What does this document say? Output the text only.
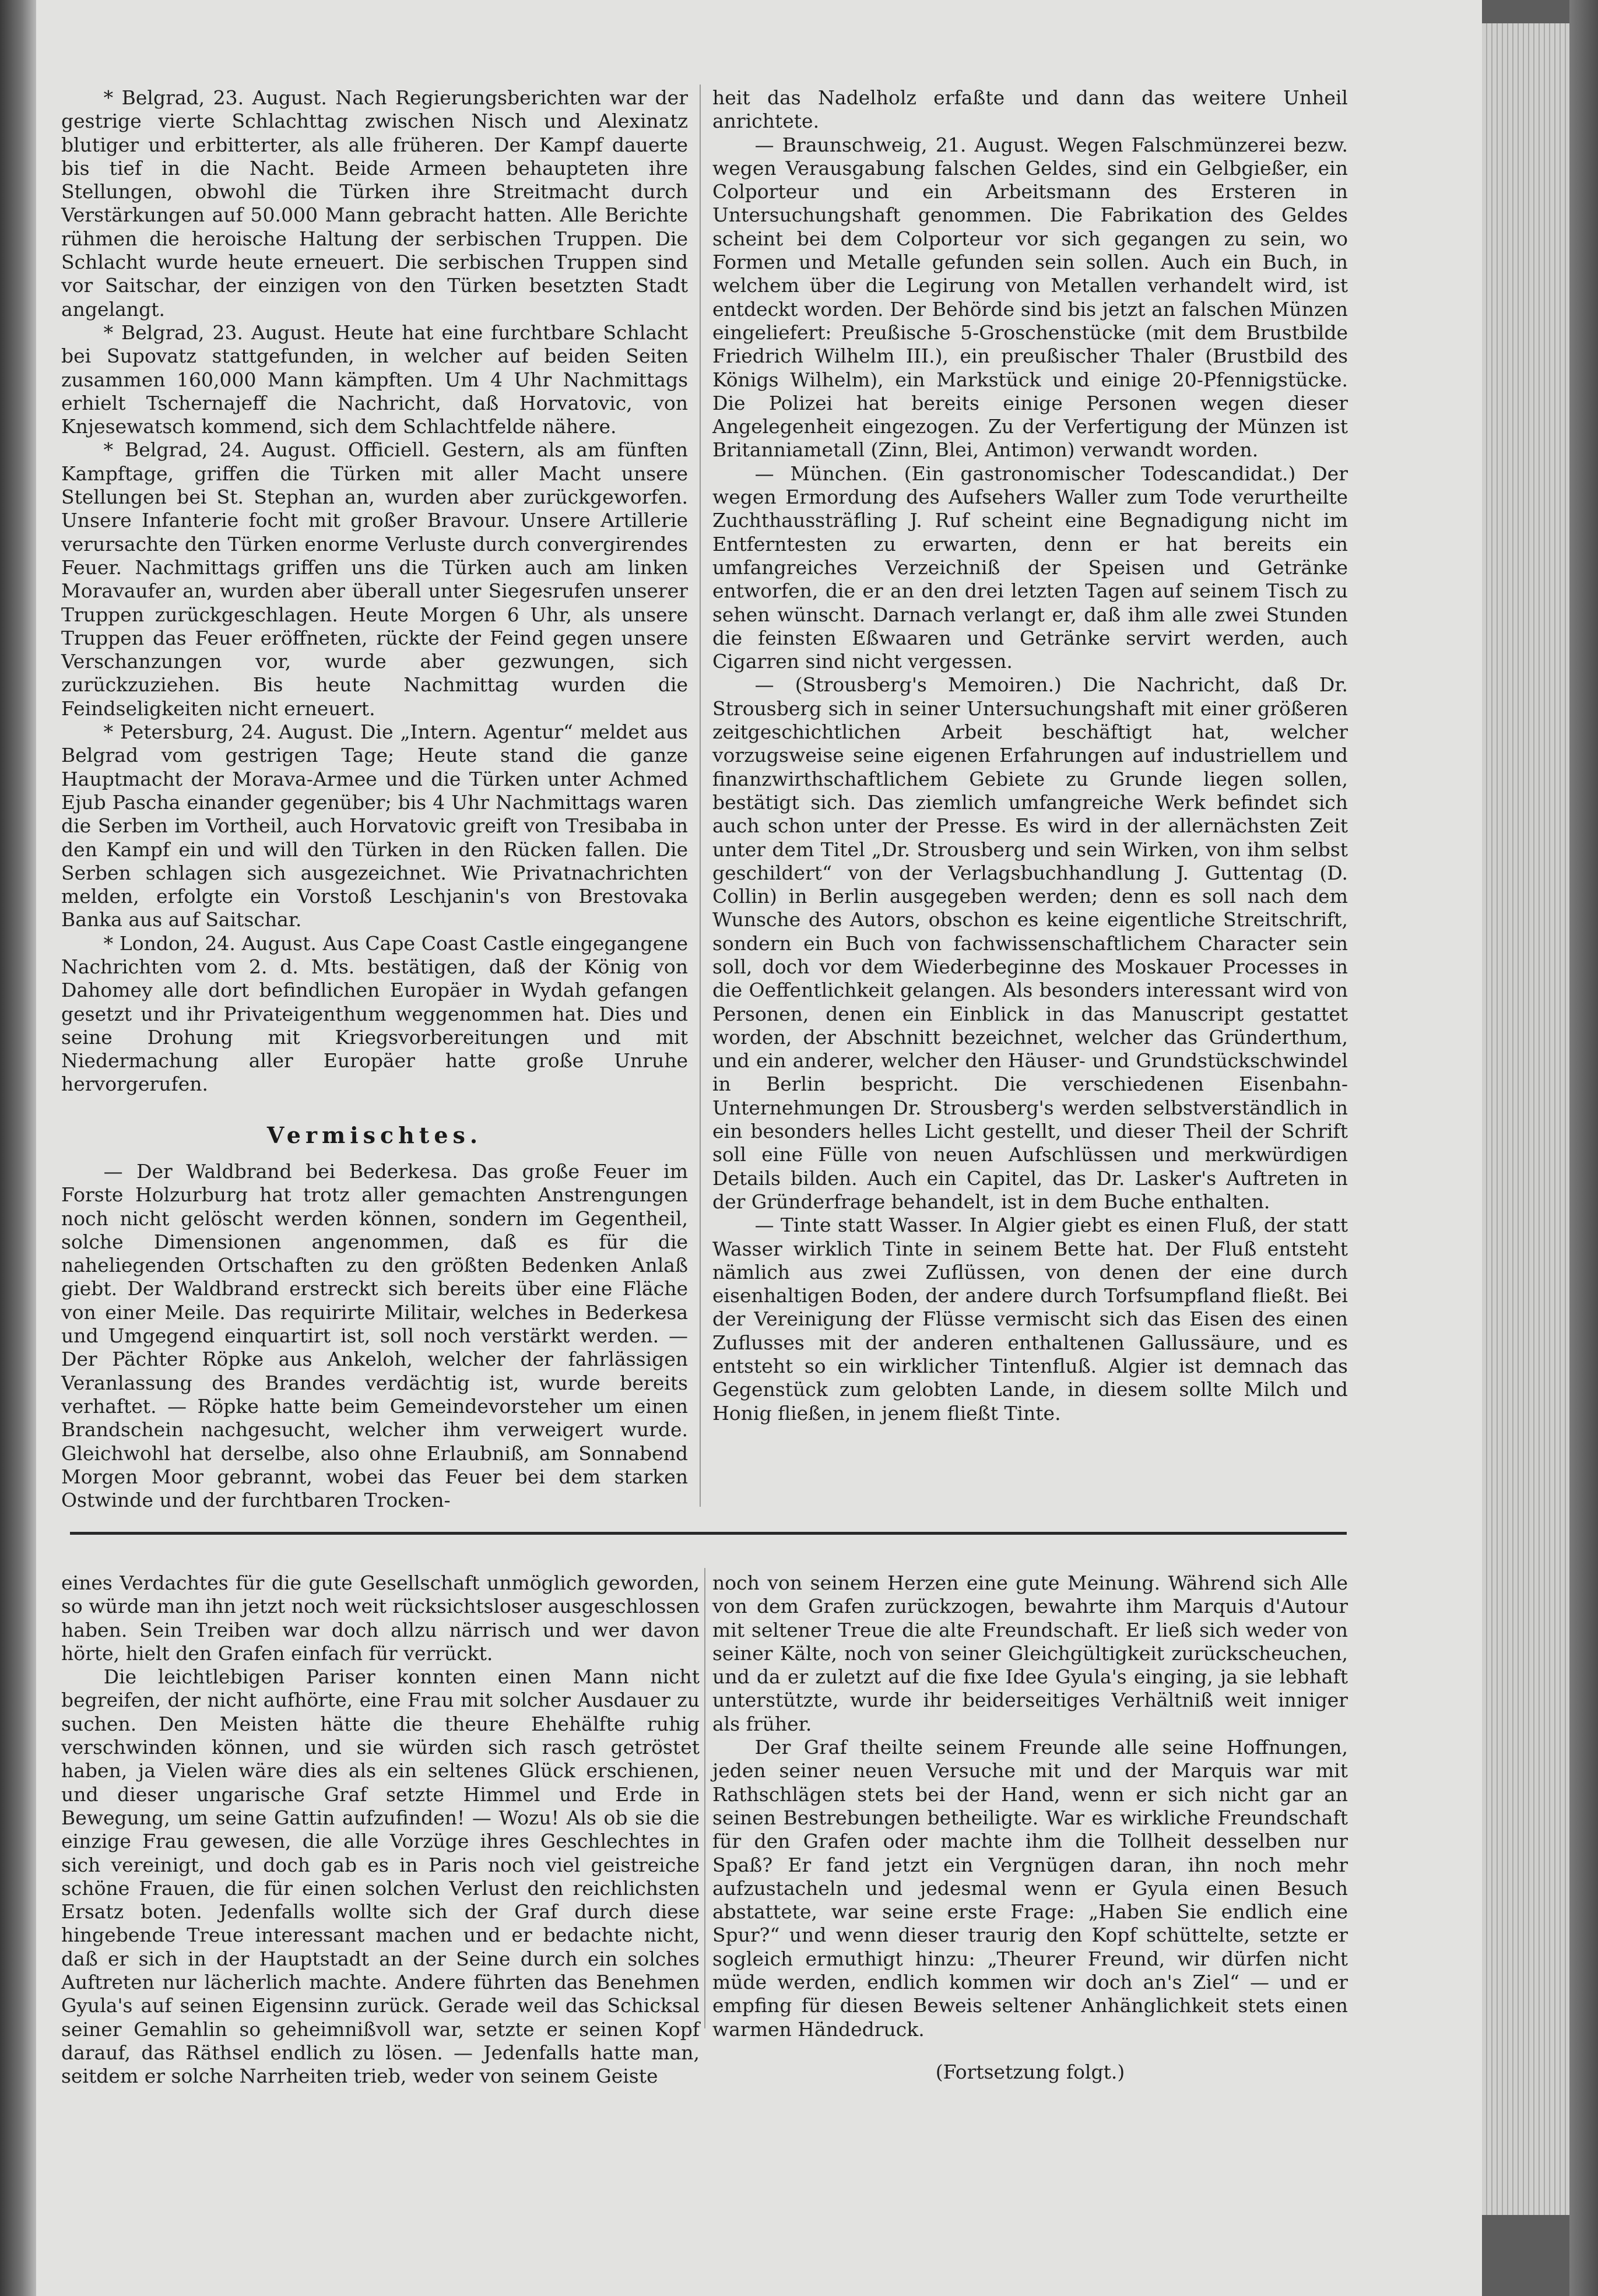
* Belgrad, 23. August. Nach Regierungsberichten war der gestrige vierte Schlachttag zwischen Nisch und Alexinatz blutiger und erbitterter, als alle früheren. Der Kampf dauerte bis tief in die Nacht. Beide Armeen behaupteten ihre Stellungen, obwohl die Türken ihre Streitmacht durch Verstärkungen auf 50.000 Mann gebracht hatten. Alle Berichte rühmen die heroische Haltung der serbischen Truppen. Die Schlacht wurde heute erneuert. Die serbischen Truppen sind vor Saitschar, der einzigen von den Türken besetzten Stadt angelangt.

* Belgrad, 23. August. Heute hat eine furchtbare Schlacht bei Supovatz stattgefunden, in welcher auf beiden Seiten zusammen 160,000 Mann kämpften. Um 4 Uhr Nachmittags erhielt Tschernajeff die Nachricht, daß Horvatovic, von Knjesewatsch kommend, sich dem Schlachtfelde nähere.

* Belgrad, 24. August. Officiell. Gestern, als am fünften Kampftage, griffen die Türken mit aller Macht unsere Stellungen bei St. Stephan an, wurden aber zurückgeworfen. Unsere Infanterie focht mit großer Bravour. Unsere Artillerie verursachte den Türken enorme Verluste durch convergirendes Feuer. Nachmittags griffen uns die Türken auch am linken Moravaufer an, wurden aber überall unter Siegesrufen unserer Truppen zurückgeschlagen. Heute Morgen 6 Uhr, als unsere Truppen das Feuer eröffneten, rückte der Feind gegen unsere Verschanzungen vor, wurde aber gezwungen, sich zurückzuziehen. Bis heute Nachmittag wurden die Feindseligkeiten nicht erneuert.

* Petersburg, 24. August. Die „Intern. Agentur“ meldet aus Belgrad vom gestrigen Tage; Heute stand die ganze Hauptmacht der Morava-Armee und die Türken unter Achmed Ejub Pascha einander gegenüber; bis 4 Uhr Nachmittags waren die Serben im Vortheil, auch Horvatovic greift von Tresibaba in den Kampf ein und will den Türken in den Rücken fallen. Die Serben schlagen sich ausgezeichnet. Wie Privatnachrichten melden, erfolgte ein Vorstoß Leschjanin's von Brestovaka Banka aus auf Saitschar.

* London, 24. August. Aus Cape Coast Castle eingegangene Nachrichten vom 2. d. Mts. bestätigen, daß der König von Dahomey alle dort befindlichen Europäer in Wydah gefangen gesetzt und ihr Privateigenthum weggenommen hat. Dies und seine Drohung mit Kriegsvorbereitungen und mit Niedermachung aller Europäer hatte große Unruhe hervorgerufen.

Vermischtes.

— Der Waldbrand bei Bederkesa. Das große Feuer im Forste Holzurburg hat trotz aller gemachten Anstrengungen noch nicht gelöscht werden können, sondern im Gegentheil, solche Dimensionen angenommen, daß es für die naheliegenden Ortschaften zu den größten Bedenken Anlaß giebt. Der Waldbrand erstreckt sich bereits über eine Fläche von einer Meile. Das requirirte Militair, welches in Bederkesa und Umgegend einquartirt ist, soll noch verstärkt werden. — Der Pächter Röpke aus Ankeloh, welcher der fahrlässigen Veranlassung des Brandes verdächtig ist, wurde bereits verhaftet. — Röpke hatte beim Gemeindevorsteher um einen Brandschein nachgesucht, welcher ihm verweigert wurde. Gleichwohl hat derselbe, also ohne Erlaubniß, am Sonnabend Morgen Moor gebrannt, wobei das Feuer bei dem starken Ostwinde und der furchtbaren Trocken-

heit das Nadelholz erfaßte und dann das weitere Unheil anrichtete.

— Braunschweig, 21. August. Wegen Falschmünzerei bezw. wegen Verausgabung falschen Geldes, sind ein Gelbgießer, ein Colporteur und ein Arbeitsmann des Ersteren in Untersuchungshaft genommen. Die Fabrikation des Geldes scheint bei dem Colporteur vor sich gegangen zu sein, wo Formen und Metalle gefunden sein sollen. Auch ein Buch, in welchem über die Legirung von Metallen verhandelt wird, ist entdeckt worden. Der Behörde sind bis jetzt an falschen Münzen eingeliefert: Preußische 5-Groschenstücke (mit dem Brustbilde Friedrich Wilhelm III.), ein preußischer Thaler (Brustbild des Königs Wilhelm), ein Markstück und einige 20-Pfennigstücke. Die Polizei hat bereits einige Personen wegen dieser Angelegenheit eingezogen. Zu der Verfertigung der Münzen ist Britanniametall (Zinn, Blei, Antimon) verwandt worden.

— München. (Ein gastronomischer Todescandidat.) Der wegen Ermordung des Aufsehers Waller zum Tode verurtheilte Zuchthaussträfling J. Ruf scheint eine Begnadigung nicht im Entferntesten zu erwarten, denn er hat bereits ein umfangreiches Verzeichniß der Speisen und Getränke entworfen, die er an den drei letzten Tagen auf seinem Tisch zu sehen wünscht. Darnach verlangt er, daß ihm alle zwei Stunden die feinsten Eßwaaren und Getränke servirt werden, auch Cigarren sind nicht vergessen.

— (Strousberg's Memoiren.) Die Nachricht, daß Dr. Strousberg sich in seiner Untersuchungshaft mit einer größeren zeitgeschichtlichen Arbeit beschäftigt hat, welcher vorzugsweise seine eigenen Erfahrungen auf industriellem und finanzwirthschaftlichem Gebiete zu Grunde liegen sollen, bestätigt sich. Das ziemlich umfangreiche Werk befindet sich auch schon unter der Presse. Es wird in der allernächsten Zeit unter dem Titel „Dr. Strousberg und sein Wirken, von ihm selbst geschildert“ von der Verlagsbuchhandlung J. Guttentag (D. Collin) in Berlin ausgegeben werden; denn es soll nach dem Wunsche des Autors, obschon es keine eigentliche Streitschrift, sondern ein Buch von fachwissenschaftlichem Character sein soll, doch vor dem Wiederbeginne des Moskauer Processes in die Oeffentlichkeit gelangen. Als besonders interessant wird von Personen, denen ein Einblick in das Manuscript gestattet worden, der Abschnitt bezeichnet, welcher das Gründerthum, und ein anderer, welcher den Häuser- und Grundstückschwindel in Berlin bespricht. Die verschiedenen Eisenbahn-Unternehmungen Dr. Strousberg's werden selbstverständlich in ein besonders helles Licht gestellt, und dieser Theil der Schrift soll eine Fülle von neuen Aufschlüssen und merkwürdigen Details bilden. Auch ein Capitel, das Dr. Lasker's Auftreten in der Gründerfrage behandelt, ist in dem Buche enthalten.

— Tinte statt Wasser. In Algier giebt es einen Fluß, der statt Wasser wirklich Tinte in seinem Bette hat. Der Fluß entsteht nämlich aus zwei Zuflüssen, von denen der eine durch eisenhaltigen Boden, der andere durch Torfsumpfland fließt. Bei der Vereinigung der Flüsse vermischt sich das Eisen des einen Zuflusses mit der anderen enthaltenen Gallussäure, und es entsteht so ein wirklicher Tintenfluß. Algier ist demnach das Gegenstück zum gelobten Lande, in diesem sollte Milch und Honig fließen, in jenem fließt Tinte.

eines Verdachtes für die gute Gesellschaft unmöglich geworden, so würde man ihn jetzt noch weit rücksichtsloser ausgeschlossen haben. Sein Treiben war doch allzu närrisch und wer davon hörte, hielt den Grafen einfach für verrückt.

Die leichtlebigen Pariser konnten einen Mann nicht begreifen, der nicht aufhörte, eine Frau mit solcher Ausdauer zu suchen. Den Meisten hätte die theure Ehehälfte ruhig verschwinden können, und sie würden sich rasch getröstet haben, ja Vielen wäre dies als ein seltenes Glück erschienen, und dieser ungarische Graf setzte Himmel und Erde in Bewegung, um seine Gattin aufzufinden! — Wozu! Als ob sie die einzige Frau gewesen, die alle Vorzüge ihres Geschlechtes in sich vereinigt, und doch gab es in Paris noch viel geistreiche schöne Frauen, die für einen solchen Verlust den reichlichsten Ersatz boten. Jedenfalls wollte sich der Graf durch diese hingebende Treue interessant machen und er bedachte nicht, daß er sich in der Hauptstadt an der Seine durch ein solches Auftreten nur lächerlich machte. Andere führten das Benehmen Gyula's auf seinen Eigensinn zurück. Gerade weil das Schicksal seiner Gemahlin so geheimnißvoll war, setzte er seinen Kopf darauf, das Räthsel endlich zu lösen. — Jedenfalls hatte man, seitdem er solche Narrheiten trieb, weder von seinem Geiste

noch von seinem Herzen eine gute Meinung. Während sich Alle von dem Grafen zurückzogen, bewahrte ihm Marquis d'Autour mit seltener Treue die alte Freundschaft. Er ließ sich weder von seiner Kälte, noch von seiner Gleichgültigkeit zurückscheuchen, und da er zuletzt auf die fixe Idee Gyula's einging, ja sie lebhaft unterstützte, wurde ihr beiderseitiges Verhältniß weit inniger als früher.

Der Graf theilte seinem Freunde alle seine Hoffnungen, jeden seiner neuen Versuche mit und der Marquis war mit Rathschlägen stets bei der Hand, wenn er sich nicht gar an seinen Bestrebungen betheiligte. War es wirkliche Freundschaft für den Grafen oder machte ihm die Tollheit desselben nur Spaß? Er fand jetzt ein Vergnügen daran, ihn noch mehr aufzustacheln und jedesmal wenn er Gyula einen Besuch abstattete, war seine erste Frage: „Haben Sie endlich eine Spur?“ und wenn dieser traurig den Kopf schüttelte, setzte er sogleich ermuthigt hinzu: „Theurer Freund, wir dürfen nicht müde werden, endlich kommen wir doch an's Ziel“ — und er empfing für diesen Beweis seltener Anhänglichkeit stets einen warmen Händedruck.

(Fortsetzung folgt.)
